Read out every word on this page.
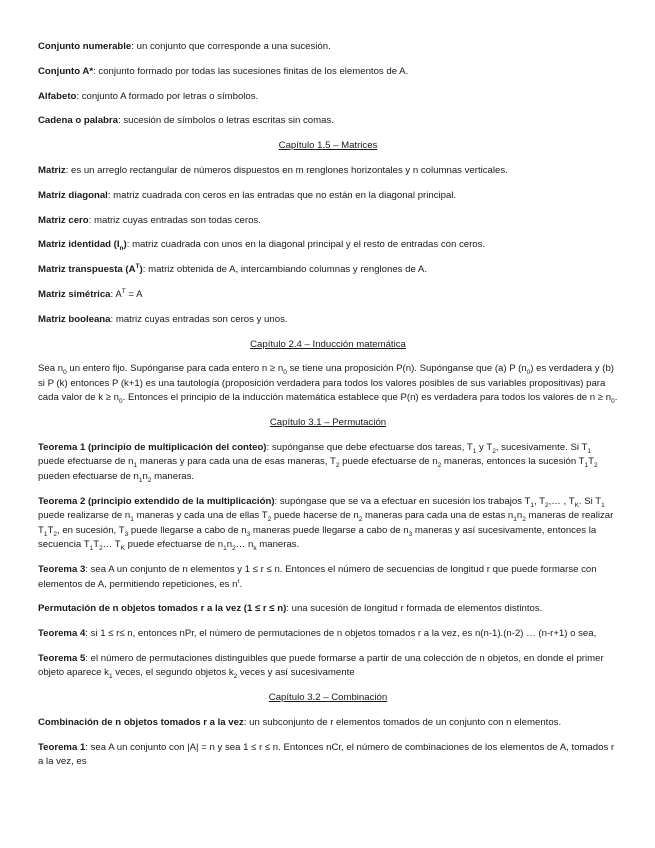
Conjunto numerable: un conjunto que corresponde a una sucesión.

Conjunto A*: conjunto formado por todas las sucesiones finitas de los elementos de A.

Alfabeto: conjunto A formado por letras o símbolos.

Cadena o palabra: sucesión de símbolos o letras escritas sin comas.

Capítulo 1.5 – Matrices

Matriz: es un arreglo rectangular de números dispuestos en m renglones horizontales y n columnas verticales.

Matriz diagonal: matriz cuadrada con ceros en las entradas que no están en la diagonal principal.

Matriz cero: matriz cuyas entradas son todas ceros.

Matriz identidad $(I_n)$: matriz cuadrada con unos en la diagonal principal y el resto de entradas con ceros.

Matriz transpuesta $(A^T)$: matriz obtenida de A, intercambiando columnas y renglones de A.

Matriz simétrica: $A^T = A$

Matriz booleana: matriz cuyas entradas son ceros y unos.

Capítulo 2.4 – Inducción matemática

Sea $n_0$ un entero fijo. Supónganse para cada entero $n \ge n_0$ se tiene una proposición P(n). Supónganse que (a) P $(n_0)$ es verdadera y (b) si P (k) entonces P (k+1) es una tautología (proposición verdadera para todos los valores posibles de sus variables propositivas) para cada valor de $k \ge n_0$. Entonces el principio de la inducción matemática establece que P(n) es verdadera para todos los valores de $n \ge n_0$.

Capítulo 3.1 – Permutación

Teorema 1 (principio de multiplicación del conteo): supónganse que debe efectuarse dos tareas, $T_1$ y $T_2$, sucesivamente. Si $T_1$ puede efectuarse de $n_1$ maneras y para cada una de esas maneras, $T_2$ puede efectuarse de $n_2$ maneras, entonces la sucesión $T_1T_2$ pueden efectuarse de $n_1n_2$ maneras.

Teorema 2 (principio extendido de la multiplicación): supóngase que se va a efectuar en sucesión los trabajos $T_1$, $T_2,\dots$ , $T_K$. Si $T_1$ puede realizarse de $n_1$ maneras y cada una de ellas $T_2$ puede hacerse de $n_2$ maneras para cada una de estas $n_1n_2$ maneras de realizar $T_1T_2$, en sucesión, $T_3$ puede llegarse a cabo de $n_3$ maneras puede llegarse a cabo de $n_3$ maneras y así sucesivamente, entonces la secuencia $T_1T_2\dots$ $T_K$ puede efectuarse de $n_1n_2\dots$ $n_k$ maneras.

Teorema 3: sea A un conjunto de n elementos y 1 ≤ r ≤ n. Entonces el número de secuencias de longitud r que puede formarse con elementos de A, permitiendo repeticiones, es $n^r$.

Permutación de n objetos tomados r a la vez (1 ≤ r ≤ n): una sucesión de longitud r formada de elementos distintos.

Teorema 4: si 1 ≤ r≤ n, entonces nPr, el número de permutaciones de n objetos tomados r a la vez, es n(n-1).(n-2) … (n-r+1) o sea,

Teorema 5: el número de permutaciones distinguibles que puede formarse a partir de una colección de n objetos, en donde el primer objeto aparece $k_1$ veces, el segundo objetos $k_2$ veces y así sucesivamente

Capítulo 3.2 – Combinación

Combinación de n objetos tomados r a la vez: un subconjunto de r elementos tomados de un conjunto con n elementos.

Teorema 1: sea A un conjunto con |A| = n y sea 1 ≤ r ≤ n. Entonces nCr, el número de combinaciones de los elementos de A, tomados r a la vez, es
